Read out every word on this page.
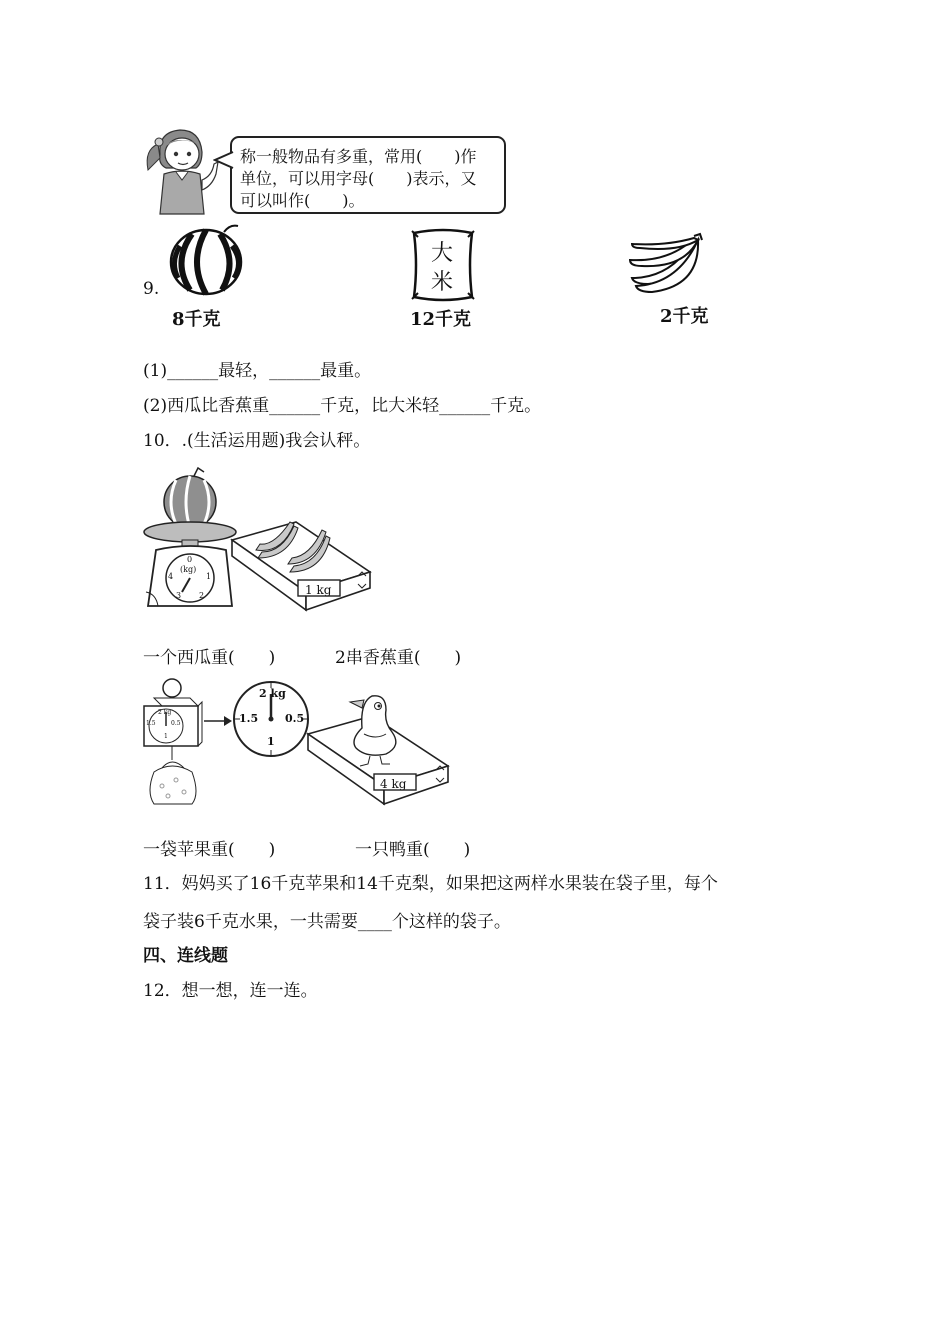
称一般物品有多重，常用(　　)作
单位，可以用字母(　　)表示，又
可以叫作(　　)。
9.
8千克
大
米
12千克	2千克
(1)______最轻，______最重。
(2)西瓜比香蕉重______千克，比大米轻______千克。
10．.(生活运用题)我会认秤。
(kg)
0
1
2
3
4
1 kg
一个西瓜重(　　)	2串香蕉重(　　)
2 kg
0.5
1
1.5
2 kg
0.5
1
1.5
4 kg
一袋苹果重(　　)	一只鸭重(　　)
11．妈妈买了16千克苹果和14千克梨，如果把这两样水果装在袋子里，每个
袋子装6千克水果，一共需要____个这样的袋子。
四、连线题
12．想一想，连一连。
